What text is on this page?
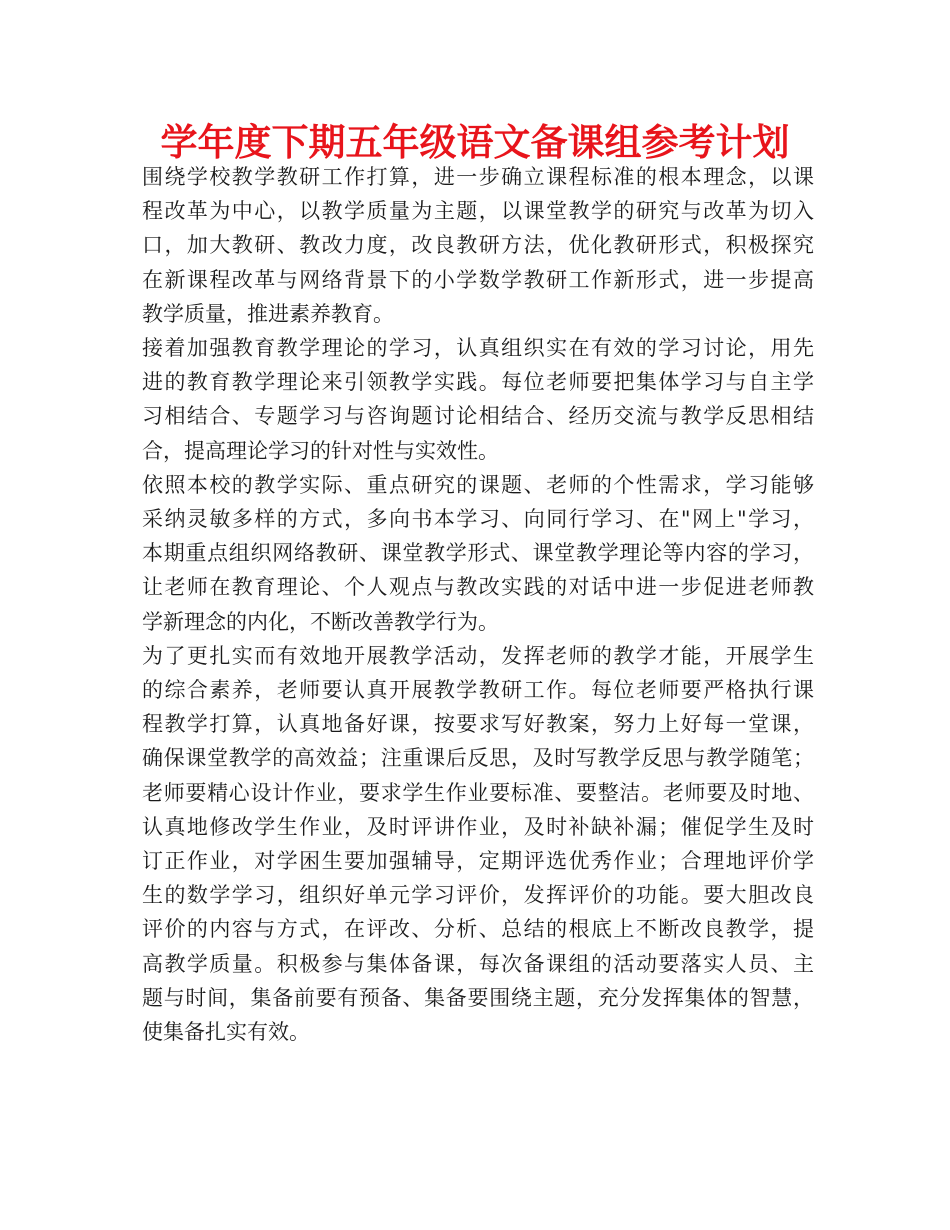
学年度下期五年级语文备课组参考计划

围绕学校教学教研工作打算，进一步确立课程标准的根本理念，以课
程改革为中心，以教学质量为主题，以课堂教学的研究与改革为切入
口，加大教研、教改力度，改良教研方法，优化教研形式，积极探究
在新课程改革与网络背景下的小学数学教研工作新形式，进一步提高
教学质量，推进素养教育。

接着加强教育教学理论的学习，认真组织实在有效的学习讨论，用先
进的教育教学理论来引领教学实践。每位老师要把集体学习与自主学
习相结合、专题学习与咨询题讨论相结合、经历交流与教学反思相结
合，提高理论学习的针对性与实效性。

依照本校的教学实际、重点研究的课题、老师的个性需求，学习能够
采纳灵敏多样的方式，多向书本学习、向同行学习、在"网上"学习，
本期重点组织网络教研、课堂教学形式、课堂教学理论等内容的学习，
让老师在教育理论、个人观点与教改实践的对话中进一步促进老师教
学新理念的内化，不断改善教学行为。

为了更扎实而有效地开展教学活动，发挥老师的教学才能，开展学生
的综合素养，老师要认真开展教学教研工作。每位老师要严格执行课
程教学打算，认真地备好课，按要求写好教案，努力上好每一堂课，
确保课堂教学的高效益；注重课后反思，及时写教学反思与教学随笔；
老师要精心设计作业，要求学生作业要标准、要整洁。老师要及时地、
认真地修改学生作业，及时评讲作业，及时补缺补漏；催促学生及时
订正作业，对学困生要加强辅导，定期评选优秀作业；合理地评价学
生的数学学习，组织好单元学习评价，发挥评价的功能。要大胆改良
评价的内容与方式，在评改、分析、总结的根底上不断改良教学，提
高教学质量。积极参与集体备课，每次备课组的活动要落实人员、主
题与时间，集备前要有预备、集备要围绕主题，充分发挥集体的智慧，
使集备扎实有效。
